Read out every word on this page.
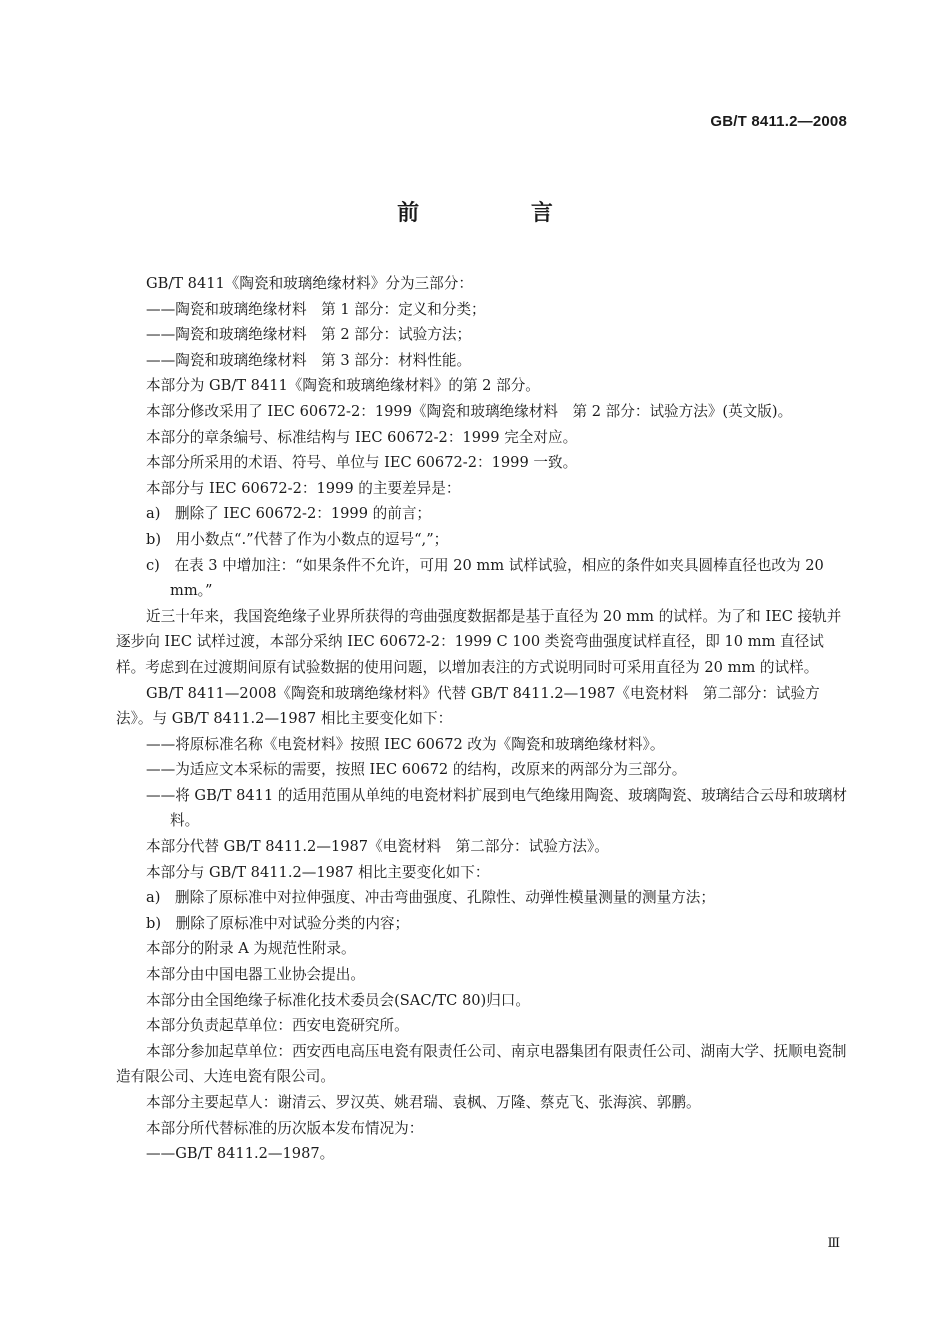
GB/T 8411.2—2008
前 言

GB/T 8411《陶瓷和玻璃绝缘材料》分为三部分：

——陶瓷和玻璃绝缘材料　第 1 部分：定义和分类；

——陶瓷和玻璃绝缘材料　第 2 部分：试验方法；

——陶瓷和玻璃绝缘材料　第 3 部分：材料性能。

本部分为 GB/T 8411《陶瓷和玻璃绝缘材料》的第 2 部分。

本部分修改采用了 IEC 60672-2：1999《陶瓷和玻璃绝缘材料　第 2 部分：试验方法》(英文版)。

本部分的章条编号、标准结构与 IEC 60672-2：1999 完全对应。

本部分所采用的术语、符号、单位与 IEC 60672-2：1999 一致。

本部分与 IEC 60672-2：1999 的主要差异是：

a)　删除了 IEC 60672-2：1999 的前言；

b)　用小数点“.”代替了作为小数点的逗号“,”；

c)　在表 3 中增加注：“如果条件不允许，可用 20 mm 试样试验，相应的条件如夹具圆棒直径也改为 20 mm。”

近三十年来，我国瓷绝缘子业界所获得的弯曲强度数据都是基于直径为 20 mm 的试样。为了和 IEC 接轨并逐步向 IEC 试样过渡，本部分采纳 IEC 60672-2：1999 C 100 类瓷弯曲强度试样直径，即 10 mm 直径试样。考虑到在过渡期间原有试验数据的使用问题，以增加表注的方式说明同时可采用直径为 20 mm 的试样。

GB/T 8411—2008《陶瓷和玻璃绝缘材料》代替 GB/T 8411.2—1987《电瓷材料　第二部分：试验方法》。与 GB/T 8411.2—1987 相比主要变化如下：

——将原标准名称《电瓷材料》按照 IEC 60672 改为《陶瓷和玻璃绝缘材料》。

——为适应文本采标的需要，按照 IEC 60672 的结构，改原来的两部分为三部分。

——将 GB/T 8411 的适用范围从单纯的电瓷材料扩展到电气绝缘用陶瓷、玻璃陶瓷、玻璃结合云母和玻璃材料。

本部分代替 GB/T 8411.2—1987《电瓷材料　第二部分：试验方法》。

本部分与 GB/T 8411.2—1987 相比主要变化如下：

a)　删除了原标准中对拉伸强度、冲击弯曲强度、孔隙性、动弹性模量测量的测量方法；

b)　删除了原标准中对试验分类的内容；

本部分的附录 A 为规范性附录。

本部分由中国电器工业协会提出。

本部分由全国绝缘子标准化技术委员会(SAC/TC 80)归口。

本部分负责起草单位：西安电瓷研究所。

本部分参加起草单位：西安西电高压电瓷有限责任公司、南京电器集团有限责任公司、湖南大学、抚顺电瓷制造有限公司、大连电瓷有限公司。

本部分主要起草人：谢清云、罗汉英、姚君瑞、袁枫、万隆、蔡克飞、张海滨、郭鹏。

本部分所代替标准的历次版本发布情况为：

——GB/T 8411.2—1987。

Ⅲ
